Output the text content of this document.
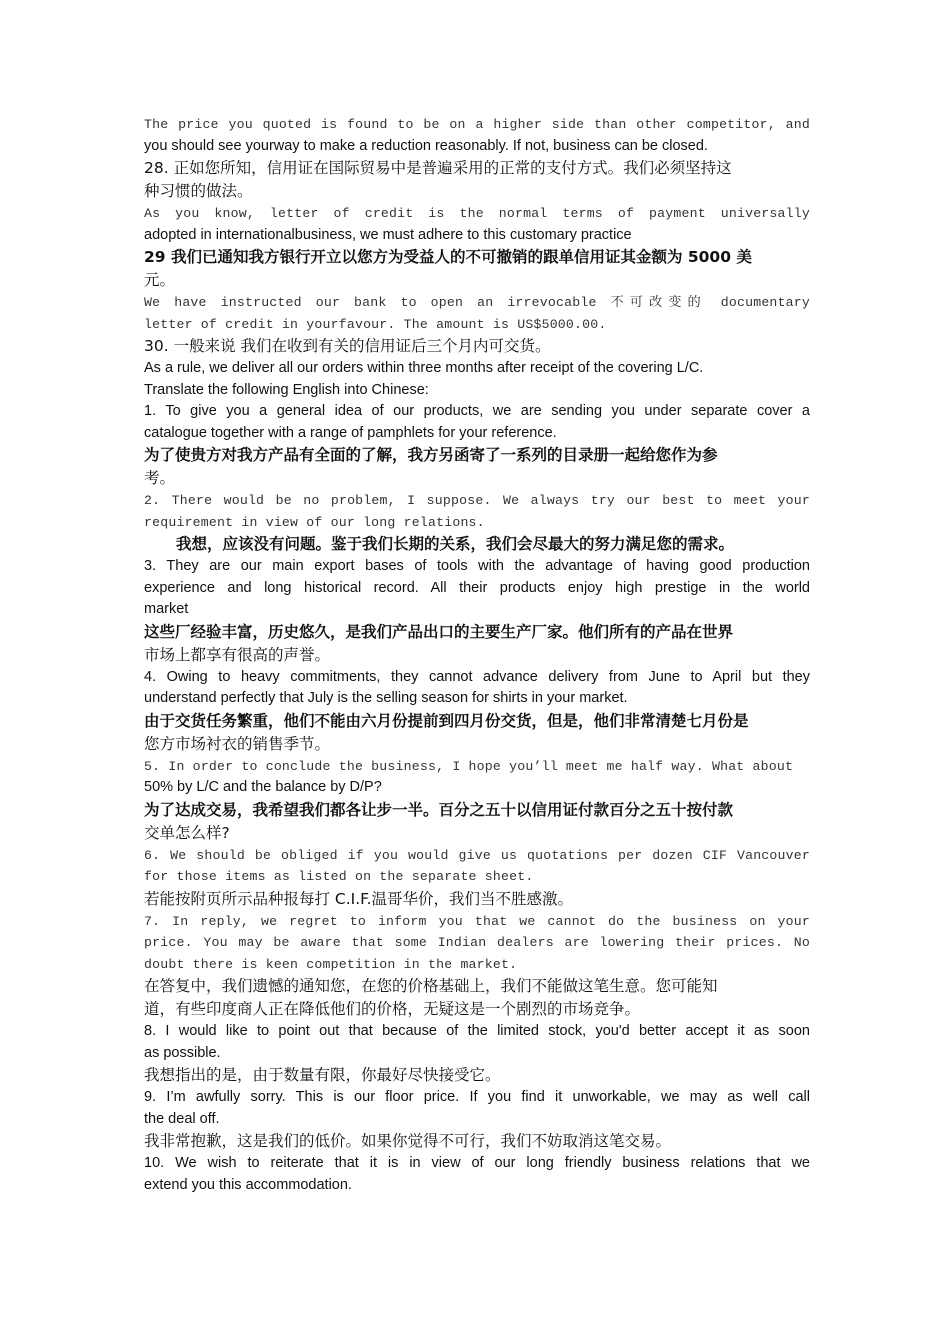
The price you quoted is found to be on a higher side than other competitor, and
you should see yourway to make a reduction reasonably. If not, business can be closed.
28. 正如您所知，信用证在国际贸易中是普遍采用的正常的支付方式。我们必须坚持这
种习惯的做法。
As you know, letter of credit is the normal terms of payment universally
adopted in internationalbusiness, we must adhere to this customary practice
29 我们已通知我方银行开立以您方为受益人的不可撤销的跟单信用证其金额为 5000 美
元。
We have instructed our bank to open an irrevocable 不可改变的 documentary
letter of credit in yourfavour. The amount is US$5000.00.
30. 一般来说 我们在收到有关的信用证后三个月内可交货。
As a rule, we deliver all our orders within three months after receipt of the covering L/C.
Translate the following English into Chinese:
1. To give you a general idea of our products, we are sending you under separate cover a
catalogue together with a range of pamphlets for your reference.
为了使贵方对我方产品有全面的了解，我方另函寄了一系列的目录册一起给您作为参
考。
2. There would be no problem, I suppose. We always try our best to meet your
requirement in view of our long relations.
我想，应该没有问题。鉴于我们长期的关系，我们会尽最大的努力满足您的需求。
3. They are our main export bases of tools with the advantage of having good production
experience and long historical record. All their products enjoy high prestige in the world
market
这些厂经验丰富，历史悠久，是我们产品出口的主要生产厂家。他们所有的产品在世界
市场上都享有很高的声誉。
4. Owing to heavy commitments, they cannot advance delivery from June to April but they
understand perfectly that July is the selling season for shirts in your market.
由于交货任务繁重，他们不能由六月份提前到四月份交货，但是，他们非常清楚七月份是
您方市场衬衣的销售季节。
5. In order to conclude the business, I hope you’ll meet me half way. What about
50% by L/C and the balance by D/P?
为了达成交易，我希望我们都各让步一半。百分之五十以信用证付款百分之五十按付款
交单怎么样?
6. We should be obliged if you would give us quotations per dozen CIF Vancouver
for those items as listed on the separate sheet.
若能按附页所示品种报每打 C.I.F.温哥华价，我们当不胜感激。
7. In reply, we regret to inform you that we cannot do the business on your
price. You may be aware that some Indian dealers are lowering their prices. No
doubt there is keen competition in the market.
在答复中，我们遗憾的通知您，在您的价格基础上，我们不能做这笔生意。您可能知
道，有些印度商人正在降低他们的价格，无疑这是一个剧烈的市场竞争。
8. I would like to point out that because of the limited stock, you'd better accept it as soon
as possible.
我想指出的是，由于数量有限，你最好尽快接受它。
9. I’m awfully sorry. This is our floor price. If you find it unworkable, we may as well call
the deal off.
我非常抱歉，这是我们的低价。如果你觉得不可行，我们不妨取消这笔交易。
10. We wish to reiterate that it is in view of our long friendly business relations that we
extend you this accommodation.
